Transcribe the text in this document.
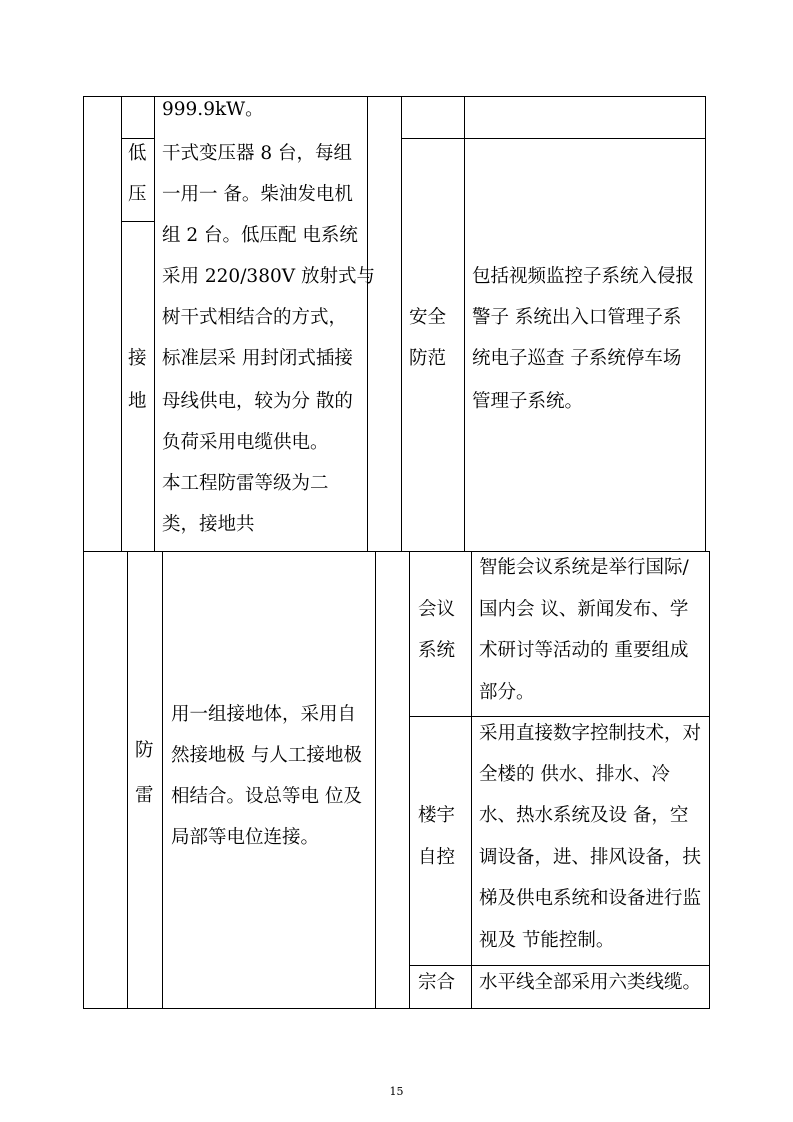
999.9kW。
低
压
接
地
干式变压器 8 台，每组
一用一 备。柴油发电机
组 2 台。低压配 电系统
采用 220/380V 放射式与
树干式相结合的方式，
标准层采 用封闭式插接
母线供电，较为分 散的
负荷采用电缆供电。
本工程防雷等级为二
类，接地共
安全
防范
包括视频监控子系统入侵报
警子 系统出入口管理子系
统电子巡查 子系统停车场
管理子系统。
防
雷
用一组接地体，采用自
然接地极 与人工接地极
相结合。设总等电 位及
局部等电位连接。
会议
系统
智能会议系统是举行国际/
国内会 议、新闻发布、学
术研讨等活动的 重要组成
部分。
楼宇
自控
采用直接数字控制技术，对
全楼的 供水、排水、冷
水、热水系统及设 备，空
调设备，进、排风设备，扶
梯及供电系统和设备进行监
视及 节能控制。
宗合 水平线全部采用六类线缆。
15
